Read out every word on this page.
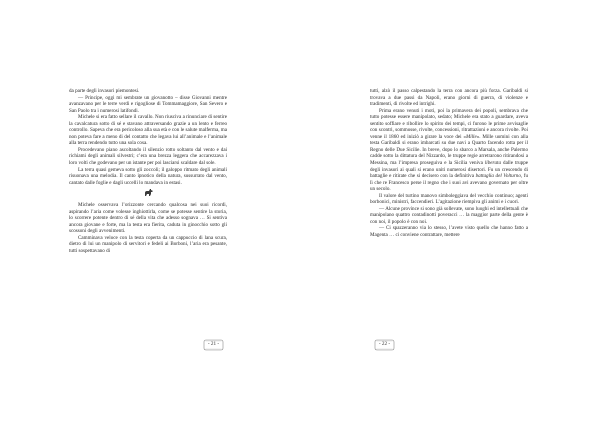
da parte degli invasori piemontesi.

— Principe, oggi mi sembrate un giovanotto – disse Giovanni mentre avanzavano per le terre verdi e rigogliose di Tommamaggiore, San Severo e San Paolo tra i numerosi latifondi.

Michele si era fatto sellare il cavallo. Non riusciva a rinunciare di sentire la cavalcatura sotto di sé e stavano attraversando grazie a un lento e ferreo controllo. Sapeva che era pericoloso alla sua età e con le salute malferma, ma non poteva fare a meno di del contatto che legava lui all’animale e l’animale alla terra rendendo tutto una sola cosa.

Procedevano piano ascoltando il silenzio rotto soltanto dal vento e dai richiami degli animali silvestri; c’era una brezza leggera che accarezzava i loro volti che godevano per un istante per poi lasciarsi scaldare dal sole.

La terra quasi gemeva sotto gli zoccoli; il galoppo ritmato degli animali risuonava una melodia. Il canto ipnotico della natura, sussurrato dal vento, cantato dalle foglie e dagli uccelli lo mandava in estasi.

Michele osservava l’orizzonte cercando qualcosa nei suoi ricordi, aspirando l’aria come volesse inghiottirla, come se potesse sentire la storia, lo scorrere potente dentro di sé della vita che adesso sognava … Si sentiva ancora giovane e forte, ma la testa era fierita, caduta in ginocchio sotto gli scossoni degli avvenimenti.

Camminava veloce con la testa coperta da un cappuccio di lana scura, dietro di lui un manipolo di servitori e fedeli ai Borboni, l’aria era pesante, tutti sospettavano di

- 21 -

tutti, alzò il passo calpestando la terra con ancora più forza. Garibaldi si trovava a due passi da Napoli, erano giorni di guerra, di violenze e tradimenti, di rivolte ed intrighi.

Prima erano venuti i moti, poi la primavera dei popoli, sembrava che tutto potesse essere manipolato, sedato; Michele era stato a guardare, aveva sentito soffiare e ribollire lo spirito dei tempi, ci furono le prime avvisaglie con scontri, sommosse, rivolte, concessioni, ritrattazioni e ancora rivolte. Poi venne il 1860 ed iniziò a girare la voce dei «Mille». Mille uomini con alla testa Garibaldi si erano imbarcati su due navi a Quarto facendo rotta per il Regno delle Due Sicilie. In breve, dopo lo sbarco a Marsala, anche Palermo cadde sotto la dittatura del Nizzardo, le truppe regie arretrarono ritirandosi a Messina, ma l’impresa proseguiva e la Sicilia veniva liberata dalle truppe degli invasori ai quali si erano uniti numerosi disertori. Fu un crescendo di battaglie e ritirate che si decisero con la definitiva battaglia del Volturno, fu lì che re Francesco perse il regno che i suoi avi avevano governato per oltre un secolo.

Il valore del turtino manovo simboleggiava del vecchio continuo; agenti borbonici, ministri, faccendieri. L’agitazione riempiva gli animi e i cuori.

— Alcune province si sono già sollevate, sono luoghi ed intellettuali che manipolano quattro contadinotti poveracci … la maggior parte della gente è con noi, il popolo è con noi.

— Ci spazzeranno via lo stesso, l’avete visto quello che hanno fatto a Magenta … ci conviene contrattare, mettere

- 22 -
